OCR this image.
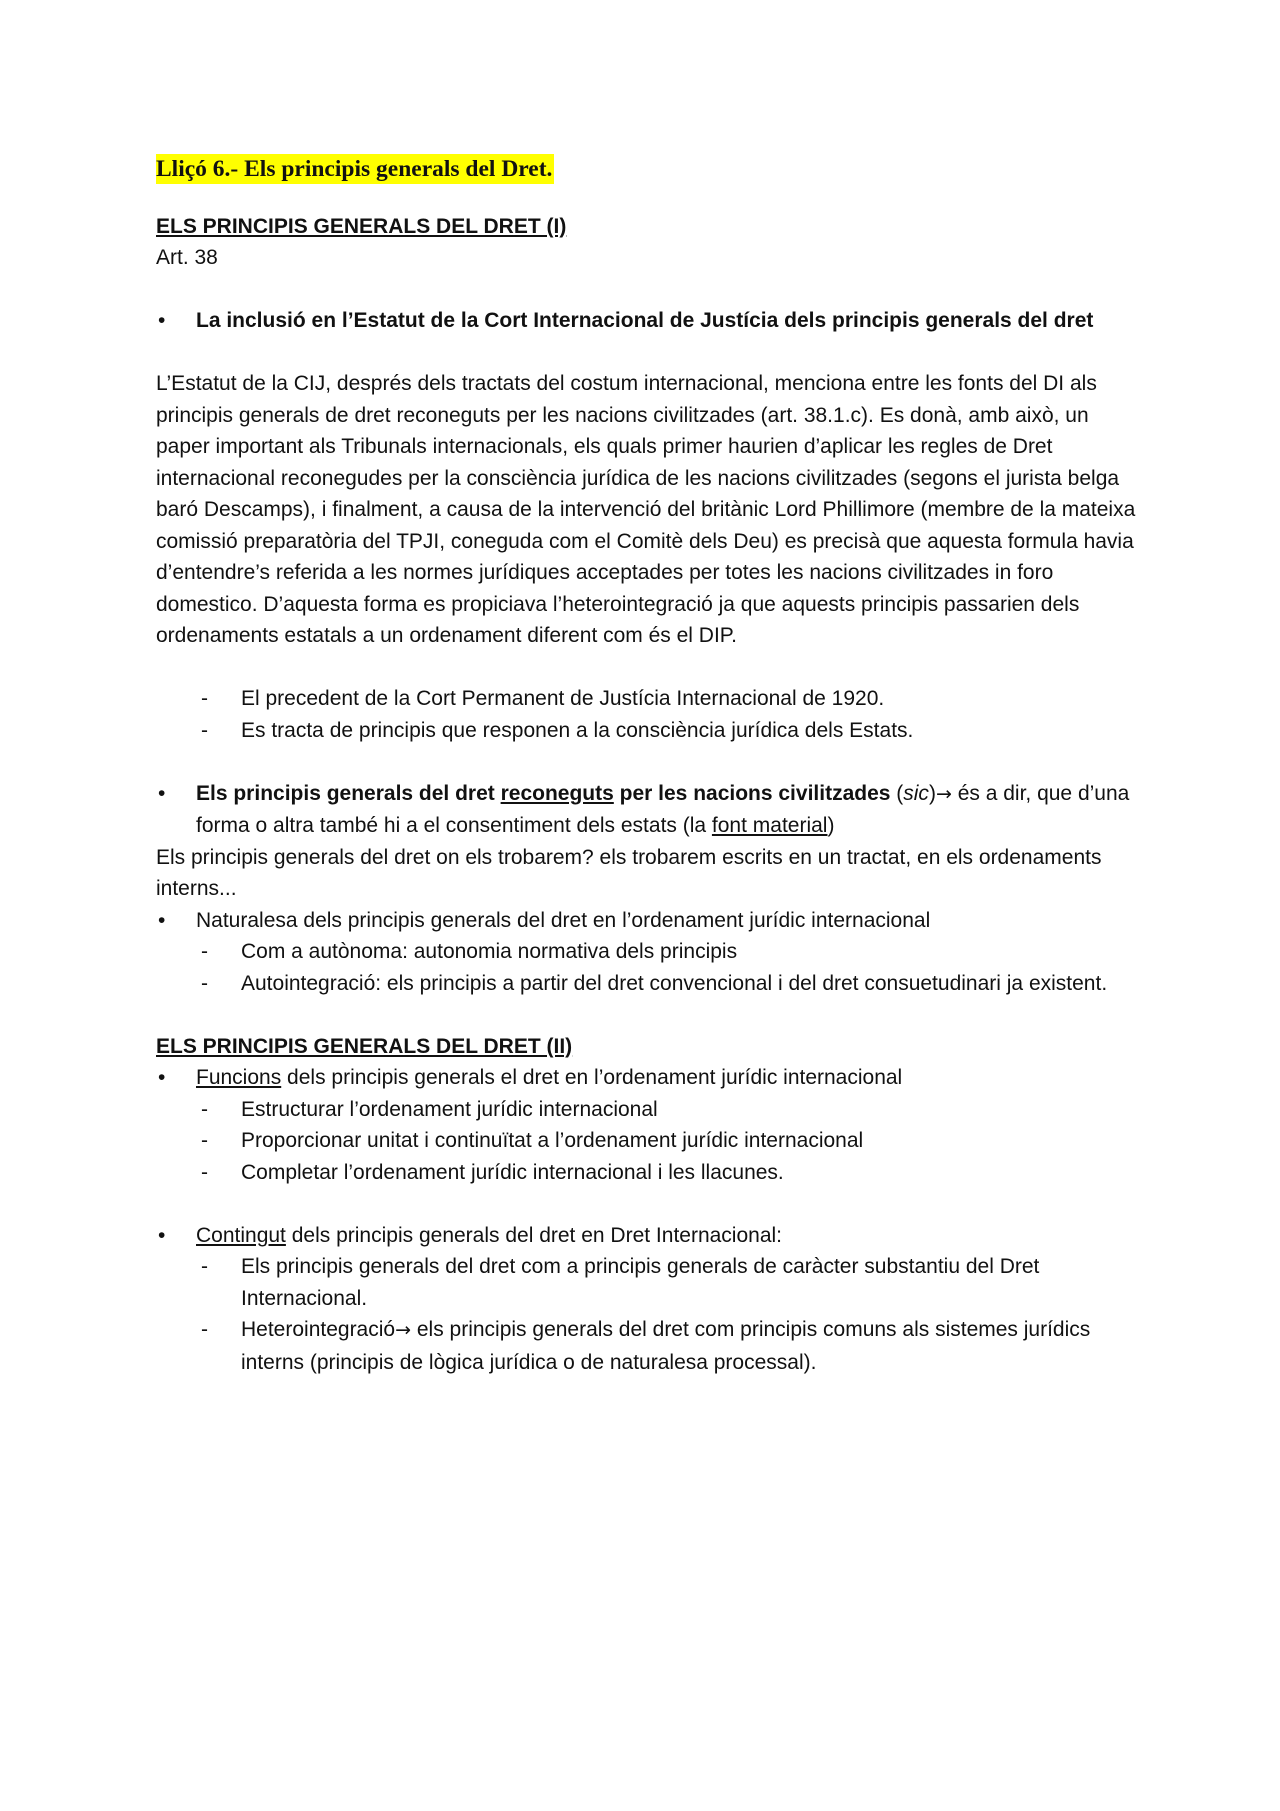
Lliçó 6.- Els principis generals del Dret.

ELS PRINCIPIS GENERALS DEL DRET (I)

Art. 38

•	La inclusió en l’Estatut de la Cort Internacional de Justícia dels principis generals del dret

L’Estatut de la CIJ, després dels tractats del costum internacional, menciona entre les fonts del DI als principis generals de dret reconeguts per les nacions civilitzades (art. 38.1.c). Es donà, amb això, un paper important als Tribunals internacionals, els quals primer haurien d’aplicar les regles de Dret internacional reconegudes per la consciència jurídica de les nacions civilitzades (segons el jurista belga baró Descamps), i finalment, a causa de la intervenció del britànic Lord Phillimore (membre de la mateixa comissió preparatòria del TPJI, coneguda com el Comitè dels Deu) es precisà que aquesta formula havia d’entendre’s referida a les normes jurídiques acceptades per totes les nacions civilitzades in foro domestico. D’aquesta forma es propiciava l’heterointegració ja que aquests principis passarien dels ordenaments estatals a un ordenament diferent com és el DIP.

- El precedent de la Cort Permanent de Justícia Internacional de 1920.
- Es tracta de principis que responen a la consciència jurídica dels Estats.
•	Els principis generals del dret reconeguts per les nacions civilitzades (sic)→ és a dir, que d’una forma o altra també hi a el consentiment dels estats (la font material)

Els principis generals del dret on els trobarem? els trobarem escrits en un tractat, en els ordenaments interns...

•	Naturalesa dels principis generals del dret en l’ordenament jurídic internacional
- Com a autònoma: autonomia normativa dels principis
- Autointegració: els principis a partir del dret convencional i del dret consuetudinari ja existent.

ELS PRINCIPIS GENERALS DEL DRET (II)

•	Funcions dels principis generals el dret en l’ordenament jurídic internacional
- Estructurar l’ordenament jurídic internacional
- Proporcionar unitat i continuïtat a l’ordenament jurídic internacional
- Completar l’ordenament jurídic internacional i les llacunes.
•	Contingut dels principis generals del dret en Dret Internacional:
- Els principis generals del dret com a principis generals de caràcter substantiu del Dret Internacional.
- Heterointegració→ els principis generals del dret com principis comuns als sistemes jurídics interns (principis de lògica jurídica o de naturalesa processal).
